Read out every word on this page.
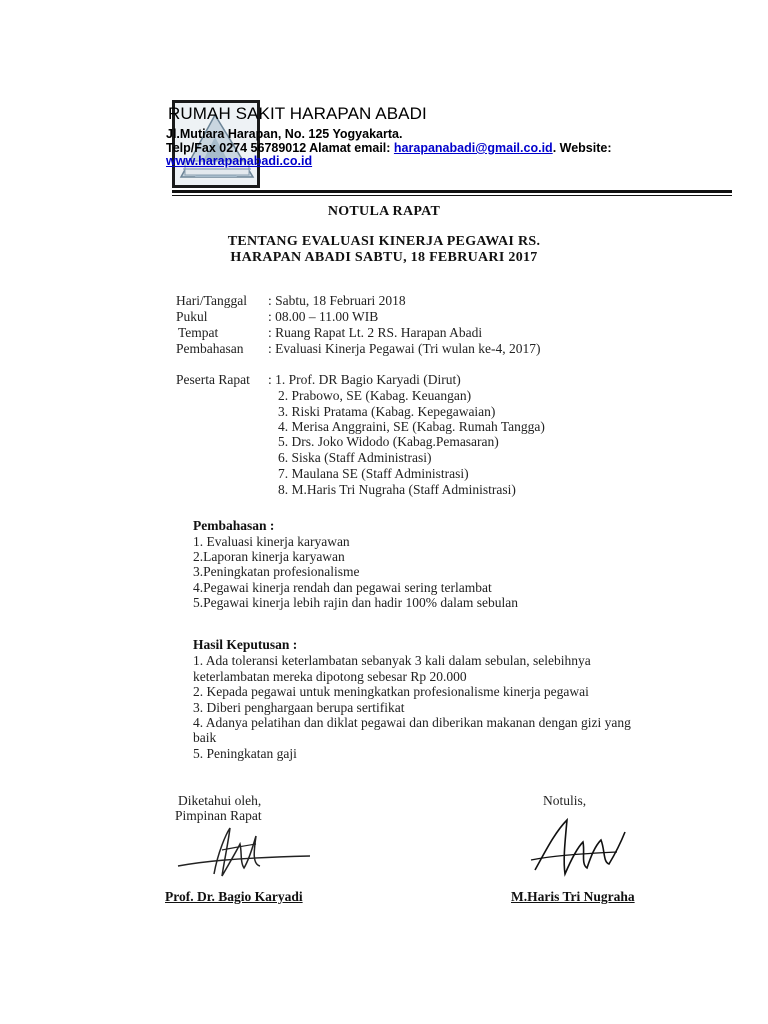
RUMAH SAKIT HARAPAN ABADI
Jl.Mutiara Harapan, No. 125 Yogyakarta.
Telp/Fax 0274 56789012 Alamat email: harapanabadi@gmail.co.id. Website:
www.harapanabadi.co.id
NOTULA RAPAT
TENTANG EVALUASI KINERJA PEGAWAI RS.
HARAPAN ABADI SABTU, 18 FEBRUARI 2017
Hari/Tanggal : Sabtu, 18 Februari 2018
Pukul	: 08.00 – 11.00 WIB
Tempat	: Ruang Rapat Lt. 2 RS. Harapan Abadi
Pembahasan : Evaluasi Kinerja Pegawai (Tri wulan ke-4, 2017)
Peserta Rapat : 1. Prof. DR Bagio Karyadi (Dirut)
2. Prabowo, SE (Kabag. Keuangan)
3. Riski Pratama (Kabag. Kepegawaian)
4. Merisa Anggraini, SE (Kabag. Rumah Tangga)
5. Drs. Joko Widodo (Kabag.Pemasaran)
6. Siska (Staff Administrasi)
7. Maulana SE (Staff Administrasi)
8. M.Haris Tri Nugraha (Staff Administrasi)
Pembahasan :
1. Evaluasi kinerja karyawan
2.Laporan kinerja karyawan
3.Peningkatan profesionalisme
4.Pegawai kinerja rendah dan pegawai sering terlambat
5.Pegawai kinerja lebih rajin dan hadir 100% dalam sebulan
Hasil Keputusan :
1. Ada toleransi keterlambatan sebanyak 3 kali dalam sebulan, selebihnya
keterlambatan mereka dipotong sebesar Rp 20.000
2. Kepada pegawai untuk meningkatkan profesionalisme kinerja pegawai
3. Diberi penghargaan berupa sertifikat
4. Adanya pelatihan dan diklat pegawai dan diberikan makanan dengan gizi yang
baik
5. Peningkatan gaji
Diketahui oleh,
Pimpinan Rapat
Notulis,
Prof. Dr. Bagio Karyadi	M.Haris Tri Nugraha
